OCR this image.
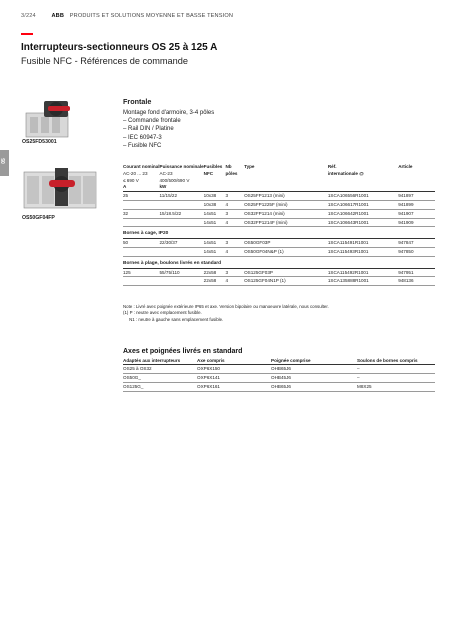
3/224	ABB PRODUITS ET SOLUTIONS MOYENNE ET BASSE TENSION
Interrupteurs-sectionneurs OS 25 à 125 A
Fusible NFC - Références de commande
05
OS25FD53001
OS50GF04FP
Frontale
Montage fond d'armoire, 3-4 pôles
– Commande frontale
– Rail DIN / Platine
– IEC 60947-3
– Fusible NFC
Courant nominal	Puissance nominale	Fusibles	Nb	Type	Réf.	Article
AC-20 ... 23	AC-23	NFC	pôles		internationale @	
≤ 690 V	400/500/690 V					
A	kW					
25	11/15/22	10x38	3	OS25FP1213 (mini)	1SCA106556R1001	941897
		10x38	4	OS25FP1225F (mini)	1SCA106617R1001	941899
32	15/18.5/22	14x51	3	OS32FP1214 (mini)	1SCA106642R1001	941907
		14x51	4	OS32FP1214F (mini)	1SCA106643R1001	941909
Bornes à cage, IP20						
50	22/30/37	14x51	3	OS50GF03P	1SCA115491R1001	947847
		14x51	4	OS50GF04N&P (1)	1SCA115493R1001	947850
Bornes à plage, boulons livrés en standard						
125	55/75/110	22x58	3	OS125GF03P	1SCA115492R1001	947951
		22x58	4	OS125GF04N1P (1)	1SCA135888R1001	948136
Note : Livré avec poignée extérieure IP65 et axe. Version bipolaire ou manoeuvre latérale, nous consulter.
(1) P : neutre avec emplacement fusible.
N1 : neutre à gauche sans emplacement fusible.
Axes et poignées livrés en standard
Adaptés aux interrupteurs	Axe compris	Poignée comprise	Soulons de bornes compris
OS25 à OS32	OXP6X150	OHB65J6	–
OS50G_	OXP6X141	OHB45J6	–
OS125G_	OXP6X161	OHB65J6	M8X25
